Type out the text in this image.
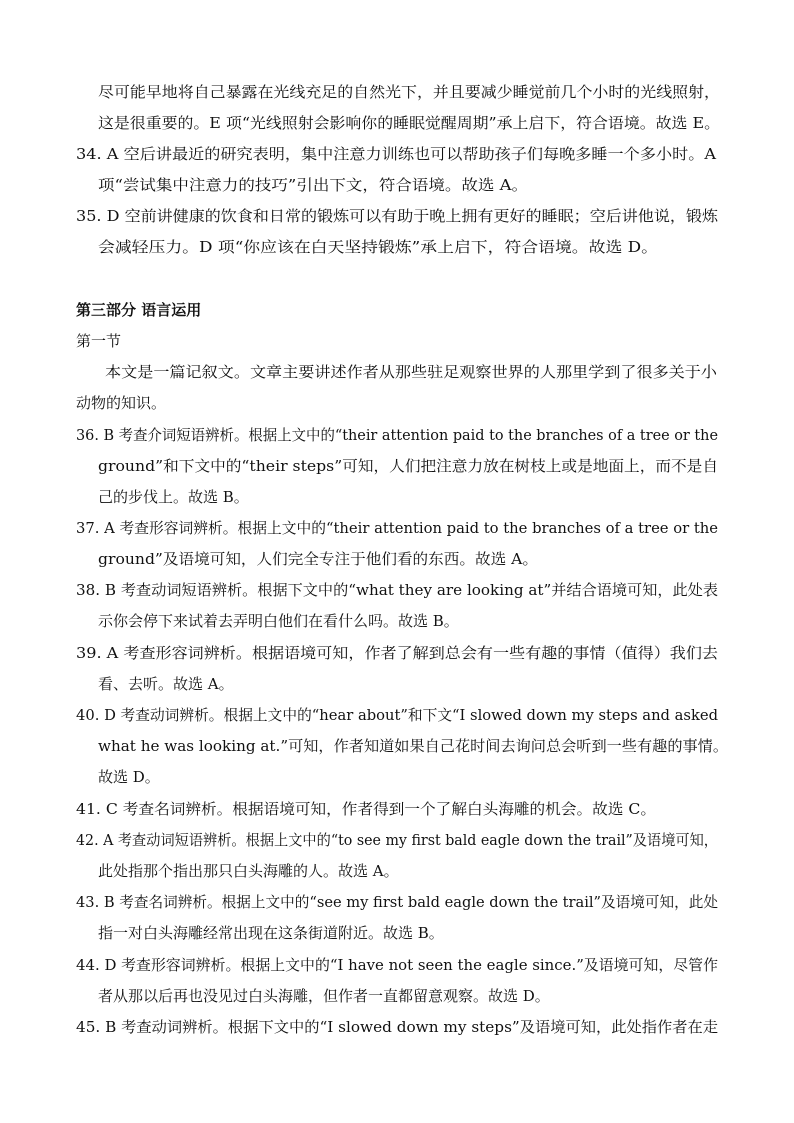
尽可能早地将自己暴露在光线充足的自然光下，并且要减少睡觉前几个小时的光线照射，
这是很重要的。E 项“光线照射会影响你的睡眠觉醒周期”承上启下，符合语境。故选 E。
34. A 空后讲最近的研究表明，集中注意力训练也可以帮助孩子们每晚多睡一个多小时。A
项“尝试集中注意力的技巧”引出下文，符合语境。故选 A。
35. D 空前讲健康的饮食和日常的锻炼可以有助于晚上拥有更好的睡眠；空后讲他说，锻炼
会减轻压力。D 项“你应该在白天坚持锻炼”承上启下，符合语境。故选 D。
第三部分 语言运用
第一节
本文是一篇记叙文。文章主要讲述作者从那些驻足观察世界的人那里学到了很多关于小
动物的知识。
36. B 考查介词短语辨析。根据上文中的“their attention paid to the branches of a tree or the
ground”和下文中的“their steps”可知，人们把注意力放在树枝上或是地面上，而不是自
己的步伐上。故选 B。
37. A 考查形容词辨析。根据上文中的“their attention paid to the branches of a tree or the
ground”及语境可知，人们完全专注于他们看的东西。故选 A。
38. B 考查动词短语辨析。根据下文中的“what they are looking at”并结合语境可知，此处表
示你会停下来试着去弄明白他们在看什么吗。故选 B。
39. A 考查形容词辨析。根据语境可知，作者了解到总会有一些有趣的事情（值得）我们去
看、去听。故选 A。
40. D 考查动词辨析。根据上文中的“hear about”和下文“I slowed down my steps and asked
what he was looking at.”可知，作者知道如果自己花时间去询问总会听到一些有趣的事情。
故选 D。
41. C 考查名词辨析。根据语境可知，作者得到一个了解白头海雕的机会。故选 C。
42. A 考查动词短语辨析。根据上文中的“to see my first bald eagle down the trail”及语境可知，
此处指那个指出那只白头海雕的人。故选 A。
43. B 考查名词辨析。根据上文中的“see my first bald eagle down the trail”及语境可知，此处
指一对白头海雕经常出现在这条街道附近。故选 B。
44. D 考查形容词辨析。根据上文中的“I have not seen the eagle since.”及语境可知，尽管作
者从那以后再也没见过白头海雕，但作者一直都留意观察。故选 D。
45. B 考查动词辨析。根据下文中的“I slowed down my steps”及语境可知，此处指作者在走
